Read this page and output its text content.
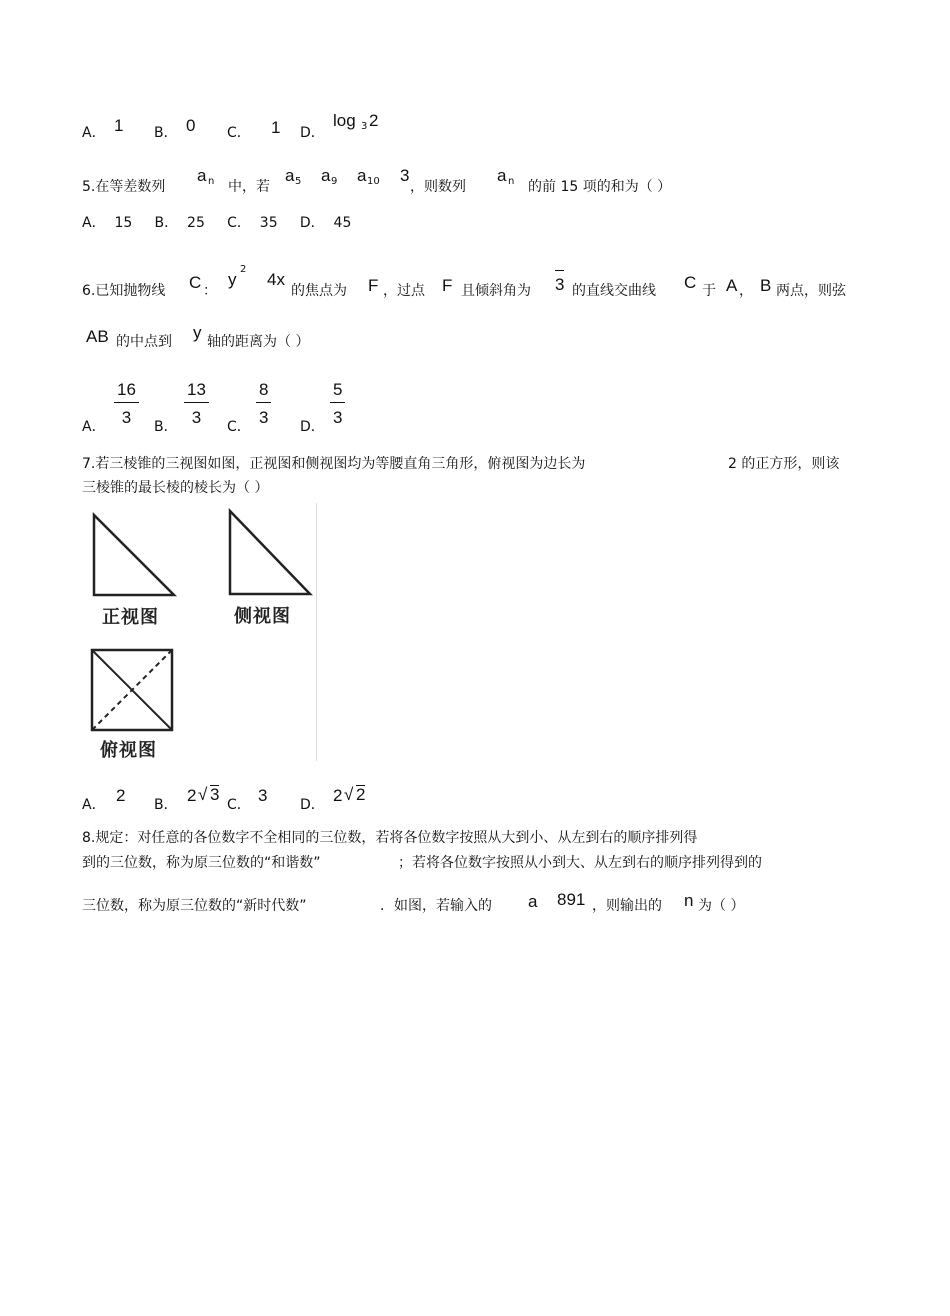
A． 1 B． 0 C． 1 D．
log 3 2
5.在等差数列
a n 中，若
a 5 a 9 a 10 3
，则数列
a n 的前 15 项的和为（ ）
A．  15     B．  25     C．  35     D．  45
6.已知抛物线 C ：
y
2
4x
的焦点为 F ，过点 F 且倾斜角为 3 的直线交曲线 C 于 A ， B 两点，则弦
AB 的中点到 y 轴的距离为（ ）
A．
$\frac{16}{3}$
B．
$\frac{13}{3}$
C．
$\frac{8}{3}$
D．
$\frac{5}{3}$
7.若三棱锥的三视图如图，正视图和侧视图均为等腰直角三角形，俯视图为边长为	2 的正方形，则该
三棱锥的最长棱的棱长为（ ）
正视图	侧视图
俯视图
A． 2 B． 2 √ 3
C． 3 D． 2 √ 2
8.规定：对任意的各位数字不全相同的三位数，若将各位数字按照从大到小、从左到右的顺序排列得
到的三位数，称为原三位数的“和谐数”	；若将各位数字按照从小到大、从左到右的顺序排列得到的
三位数，称为原三位数的“新时代数”	．如图，若输入的 a 891 ，则输出的 n 为（ ）
